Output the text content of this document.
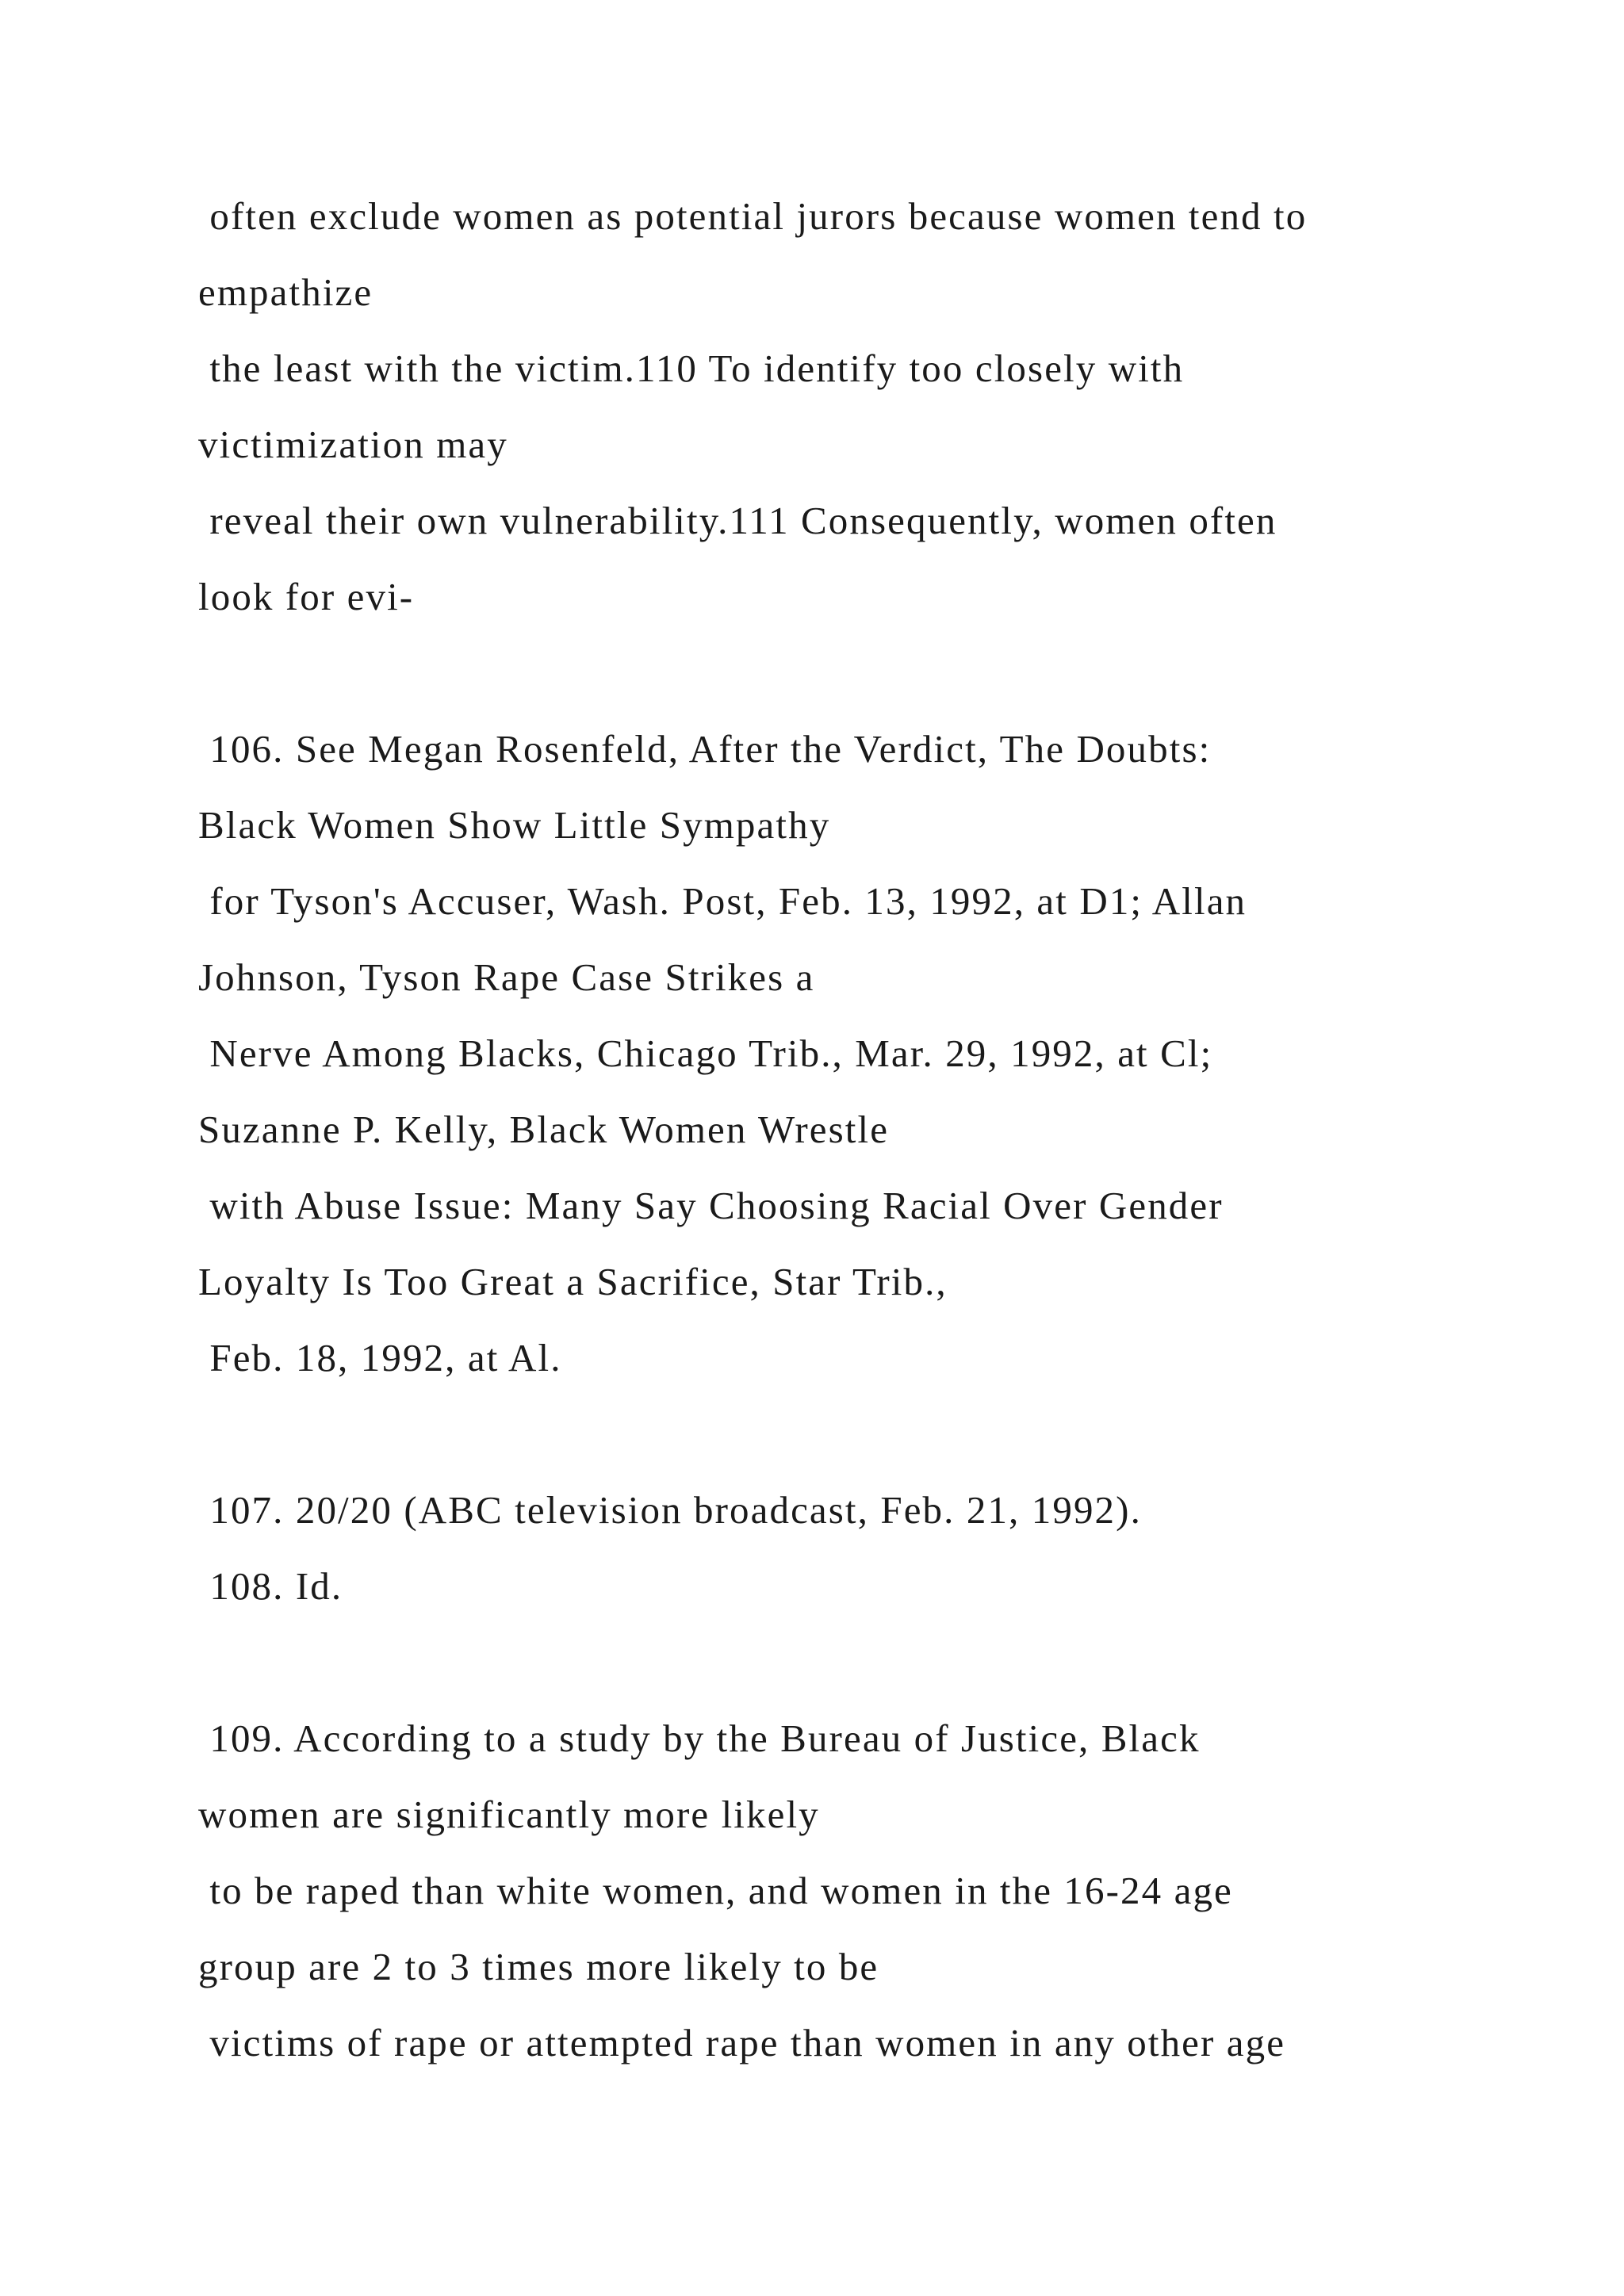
often exclude women as potential jurors because women tend to

empathize

the least with the victim.110 To identify too closely with

victimization may

reveal their own vulnerability.111 Consequently, women often

look for evi-

106. See Megan Rosenfeld, After the Verdict, The Doubts:

Black Women Show Little Sympathy

for Tyson's Accuser, Wash. Post, Feb. 13, 1992, at D1; Allan

Johnson, Tyson Rape Case Strikes a

Nerve Among Blacks, Chicago Trib., Mar. 29, 1992, at Cl;

Suzanne P. Kelly, Black Women Wrestle

with Abuse Issue: Many Say Choosing Racial Over Gender

Loyalty Is Too Great a Sacrifice, Star Trib.,

Feb. 18, 1992, at Al.

107. 20/20 (ABC television broadcast, Feb. 21, 1992).

108. Id.

109. According to a study by the Bureau of Justice, Black

women are significantly more likely

to be raped than white women, and women in the 16-24 age

group are 2 to 3 times more likely to be

victims of rape or attempted rape than women in any other age
